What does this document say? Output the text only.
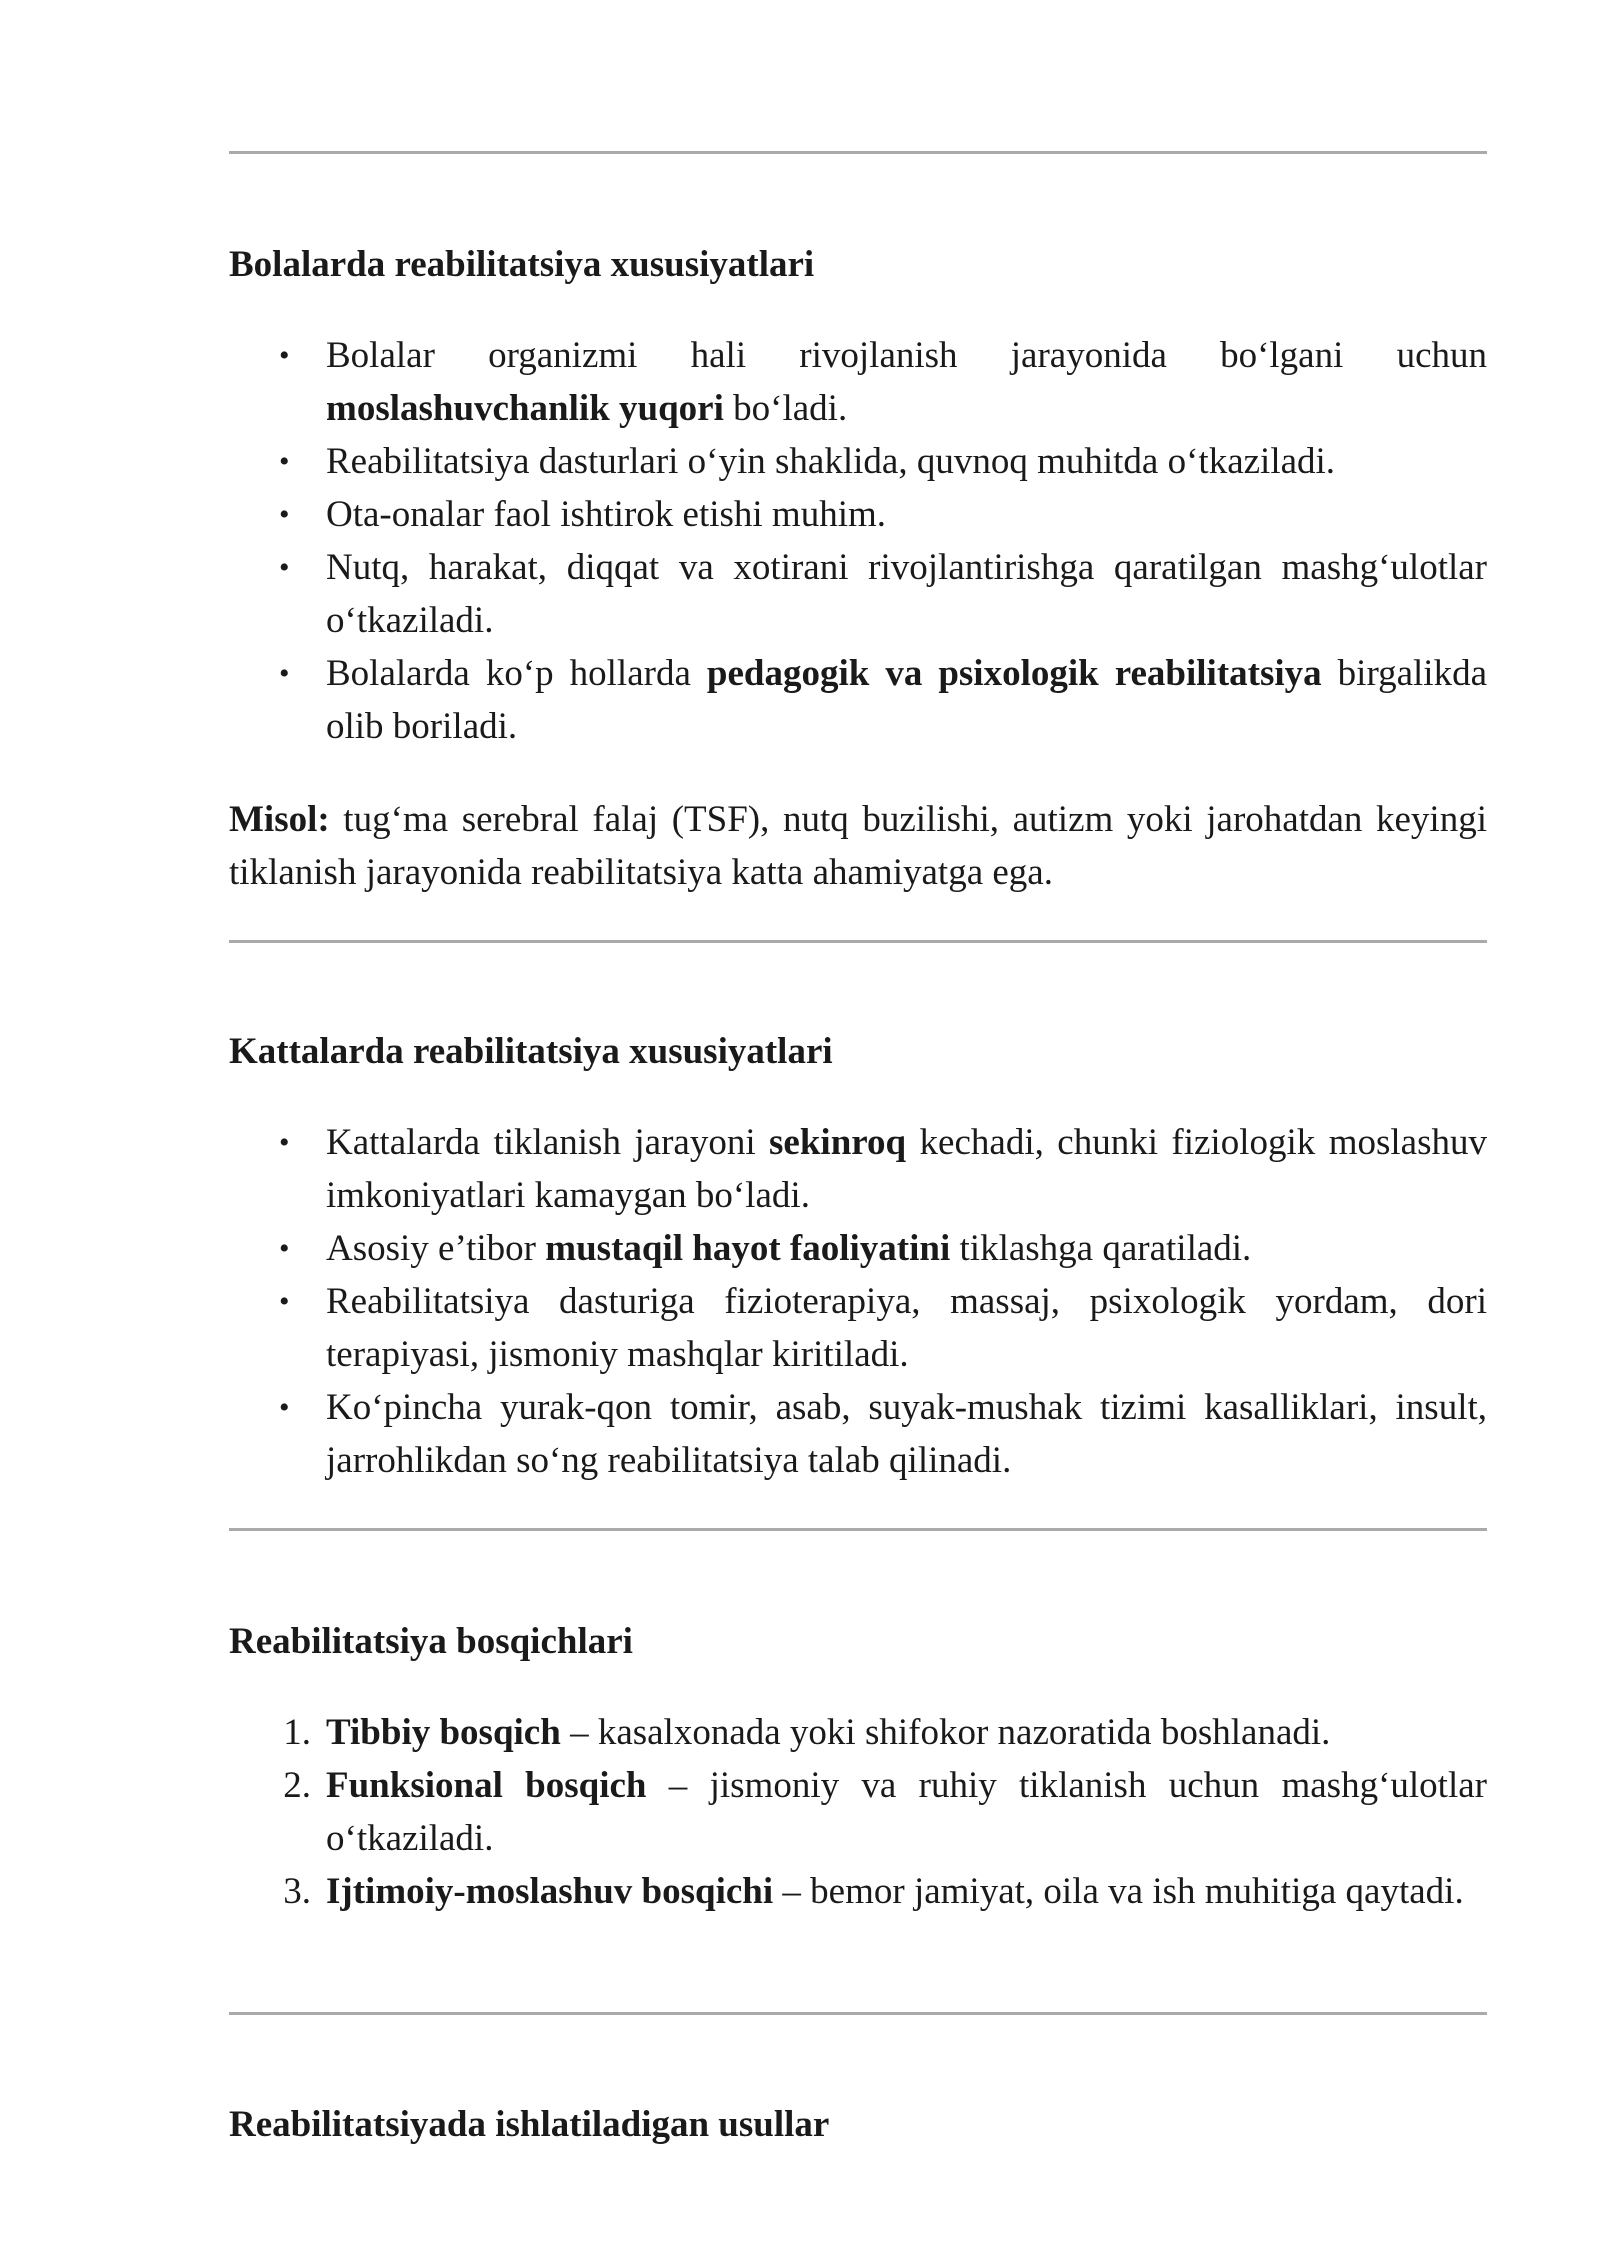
Bolalarda reabilitatsiya xususiyatlari
• Bolalar organizmi hali rivojlanish jarayonida bo‘lgani uchun moslashuvchanlik yuqori bo‘ladi.
• Reabilitatsiya dasturlari o‘yin shaklida, quvnoq muhitda o‘tkaziladi.
• Ota-onalar faol ishtirok etishi muhim.
• Nutq, harakat, diqqat va xotirani rivojlantirishga qaratilgan mashg‘ulotlar o‘tkaziladi.
• Bolalarda ko‘p hollarda pedagogik va psixologik reabilitatsiya birgalikda olib boriladi.

Misol: tug‘ma serebral falaj (TSF), nutq buzilishi, autizm yoki jarohatdan keyingi tiklanish jarayonida reabilitatsiya katta ahamiyatga ega.

Kattalarda reabilitatsiya xususiyatlari
• Kattalarda tiklanish jarayoni sekinroq kechadi, chunki fiziologik moslashuv imkoniyatlari kamaygan bo‘ladi.
• Asosiy e’tibor mustaqil hayot faoliyatini tiklashga qaratiladi.
• Reabilitatsiya dasturiga fizioterapiya, massaj, psixologik yordam, dori terapiyasi, jismoniy mashqlar kiritiladi.
• Ko‘pincha yurak-qon tomir, asab, suyak-mushak tizimi kasalliklari, insult, jarrohlikdan so‘ng reabilitatsiya talab qilinadi.
Reabilitatsiya bosqichlari
1. Tibbiy bosqich – kasalxonada yoki shifokor nazoratida boshlanadi.
2. Funksional bosqich – jismoniy va ruhiy tiklanish uchun mashg‘ulotlar o‘tkaziladi.
3. Ijtimoiy-moslashuv bosqichi – bemor jamiyat, oila va ish muhitiga qaytadi.
Reabilitatsiyada ishlatiladigan usullar
